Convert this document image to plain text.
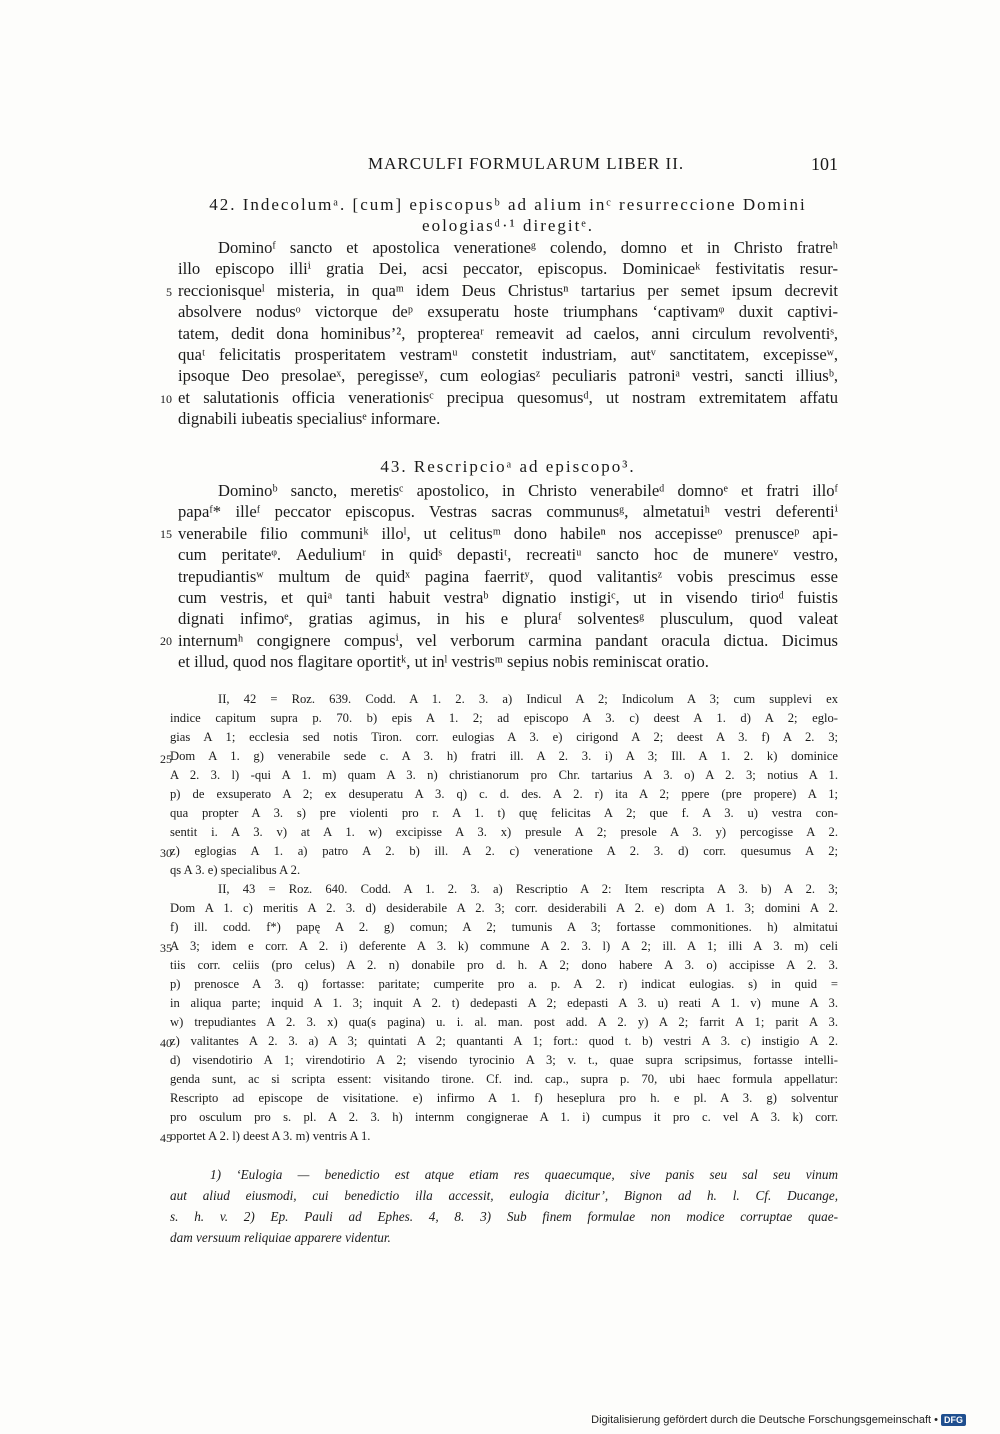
MARCULFI FORMULARUM LIBER II.	101
42. Indecolumᵃ. [cum] episcopusᵇ ad alium inᶜ resurreccione Domini
eologiasᵈ·¹ diregitᵉ.
Dominoᶠ sancto et apostolica venerationeᵍ colendo, domno et in Christo fratreʰ
illo episcopo illiⁱ gratia Dei, acsi peccator, episcopus. Dominicaeᵏ festivitatis resur-
reccionisqueˡ misteria, in quaᵐ idem Deus Christusⁿ tartarius per semet ipsum decrevit
absolvere nodusᵒ victorque deᵖ exsuperatu hoste triumphans ‘captivamᵠ duxit captivi-
tatem, dedit dona hominibus’², proptereaʳ remeavit ad caelos, anni circulum revolventiˢ,
quaᵗ felicitatis prosperitatem vestramᵘ constetit industriam, autᵛ sanctitatem, excepisseʷ,
ipsoque Deo presolaeˣ, peregisseʸ, cum eologiasᶻ peculiaris patroniᵃ vestri, sancti illiusᵇ,
et salutationis officia venerationisᶜ precipua quesomusᵈ, ut nostram extremitatem affatu
dignabili iubeatis specialiusᵉ informare.
5
10
43. Rescripcioᵃ ad episcopo³.
Dominoᵇ sancto, meretisᶜ apostolico, in Christo venerabileᵈ domnoᵉ et fratri illoᶠ
papaᶠ* illeᶠ peccator episcopus. Vestras sacras communusᵍ, almetatuiʰ vestri deferentiⁱ
venerabile filio communiᵏ illoˡ, ut celitusᵐ dono habileⁿ nos accepisseᵒ prenusceᵖ api-
cum peritateᵠ. Aeduliumʳ in quidˢ depastiᵗ, recreatiᵘ sancto hoc de munereᵛ vestro,
trepudiantisʷ multum de quidˣ pagina faerritʸ, quod valitantisᶻ vobis prescimus esse
cum vestris, et quiᵃ tanti habuit vestraᵇ dignatio instigiᶜ, ut in visendo tirioᵈ fuistis
dignati infimoᵉ, gratias agimus, in his e pluraᶠ solventesᵍ plusculum, quod valeat
internumʰ congignere compusⁱ, vel verborum carmina pandant oracula dictua. Dicimus
et illud, quod nos flagitare oportitᵏ, ut inˡ vestrisᵐ sepius nobis reminiscat oratio.
15
20
II, 42 = Roz. 639. Codd. A 1. 2. 3. a) Indicul A 2; Indicolum A 3; cum supplevi ex
indice capitum supra p. 70. b) epis A 1. 2; ad episcopo A 3. c) deest A 1. d) A 2; eglo-
gias A 1; ecclesia sed notis Tiron. corr. eulogias A 3. e) cirigond A 2; deest A 3. f) A 2. 3;
Dom A 1. g) venerabile sede c. A 3. h) fratri ill. A 2. 3. i) A 3; Ill. A 1. 2. k) dominice
A 2. 3. l) -qui A 1. m) quam A 3. n) christianorum pro Chr. tartarius A 3. o) A 2. 3; notius A 1.
p) de exsuperato A 2; ex desuperatu A 3. q) c. d. des. A 2. r) ita A 2; ppere (pre propere) A 1;
qua propter A 3. s) pre violenti pro r. A 1. t) quę felicitas A 2; que f. A 3. u) vestra con-
sentit i. A 3. v) at A 1. w) excipisse A 3. x) presule A 2; presole A 3. y) percogisse A 2.
z) eglogias A 1. a) patro A 2. b) ill. A 2. c) veneratione A 2. 3. d) corr. quesumus A 2;
qs A 3. e) specialibus A 2.
II, 43 = Roz. 640. Codd. A 1. 2. 3. a) Rescriptio A 2: Item rescripta A 3. b) A 2. 3;
Dom A 1. c) meritis A 2. 3. d) desiderabile A 2. 3; corr. desiderabili A 2. e) dom A 1. 3; domini A 2.
f) ill. codd. f*) papę A 2. g) comun; A 2; tumunis A 3; fortasse commonitiones. h) almitatui
A 3; idem e corr. A 2. i) deferente A 3. k) commune A 2. 3. l) A 2; ill. A 1; illi A 3. m) celi
tiis corr. celiis (pro celus) A 2. n) donabile pro d. h. A 2; dono habere A 3. o) accipisse A 2. 3.
p) prenosce A 3. q) fortasse: paritate; cumperite pro a. p. A 2. r) indicat eulogias. s) in quid =
in aliqua parte; inquid A 1. 3; inquit A 2. t) dedepasti A 2; edepasti A 3. u) reati A 1. v) mune A 3.
w) trepudiantes A 2. 3. x) qua(s pagina) u. i. al. man. post add. A 2. y) A 2; farrit A 1; parit A 3.
z) valitantes A 2. 3. a) A 3; quintati A 2; quantanti A 1; fort.: quod t. b) vestri A 3. c) instigio A 2.
d) visendotirio A 1; virendotirio A 2; visendo tyrocinio A 3; v. t., quae supra scripsimus, fortasse intelli-
genda sunt, ac si scripta essent: visitando tirone. Cf. ind. cap., supra p. 70, ubi haec formula appellatur:
Rescripto ad episcope de visitatione. e) infirmo A 1. f) heseplura pro h. e pl. A 3. g) solventur
pro osculum pro s. pl. A 2. 3. h) internm congignerae A 1. i) cumpus it pro c. vel A 3. k) corr.
oportet A 2. l) deest A 3. m) ventris A 1.
25
30
35
40
45
1) ‘Eulogia — benedictio est atque etiam res quaecumque, sive panis seu sal seu vinum
aut aliud eiusmodi, cui benedictio illa accessit, eulogia dicitur’, Bignon ad h. l. Cf. Ducange,
s. h. v. 2) Ep. Pauli ad Ephes. 4, 8. 3) Sub finem formulae non modice corruptae quae-
dam versuum reliquiae apparere videntur.
Digitalisierung gefördert durch die Deutsche Forschungsgemeinschaft • DFG
